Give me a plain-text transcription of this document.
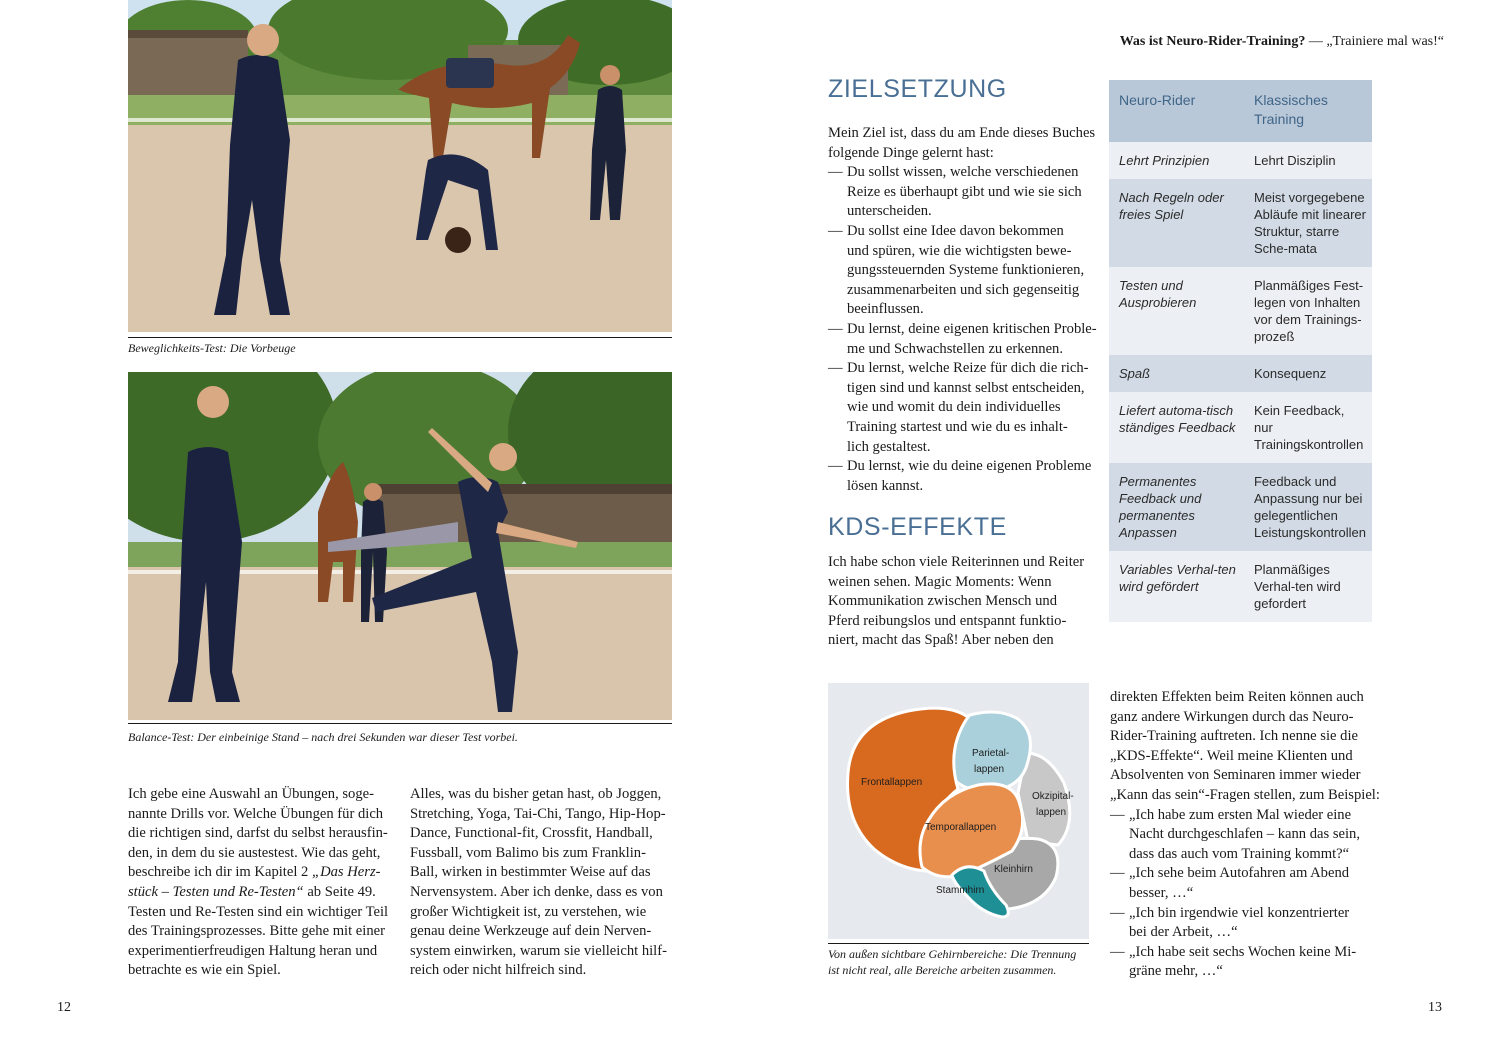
Beweglichkeits-Test: Die Vorbeuge
Balance-Test: Der einbeinige Stand – nach drei Sekunden war dieser Test vorbei.

Ich gebe eine Auswahl an Übungen, soge-

nannte Drills vor. Welche Übungen für dich

die richtigen sind, darfst du selbst herausfin-

den, in dem du sie austestest. Wie das geht,

beschreibe ich dir im Kapitel 2 „Das Herz-

stück – Testen und Re-Testen“ ab Seite 49.

Testen und Re-Testen sind ein wichtiger Teil

des Trainingsprozesses. Bitte gehe mit einer

experimentierfreudigen Haltung heran und

betrachte es wie ein Spiel.

Alles, was du bisher getan hast, ob Joggen,

Stretching, Yoga, Tai-Chi, Tango, Hip-Hop-

Dance, Functional-fit, Crossfit, Handball,

Fussball, vom Balimo bis zum Franklin-

Ball, wirken in bestimmter Weise auf das

Nervensystem. Aber ich denke, dass es von

großer Wichtigkeit ist, zu verstehen, wie

genau deine Werkzeuge auf dein Nerven-

system einwirken, warum sie vielleicht hilf-

reich oder nicht hilfreich sind.

12
Was ist Neuro-Rider-Training? — „Trainiere mal was!“
ZIELSETZUNG

Mein Ziel ist, dass du am Ende dieses Buches

folgende Dinge gelernt hast:

— Du sollst wissen, welche verschiedenen
Reize es überhaupt gibt und wie sie sich
unterscheiden.
— Du sollst eine Idee davon bekommen
und spüren, wie die wichtigsten bewe-
gungssteuernden Systeme funktionieren,
zusammenarbeiten und sich gegenseitig
beeinflussen.
— Du lernst, deine eigenen kritischen Proble-
me und Schwachstellen zu erkennen.
— Du lernst, welche Reize für dich die rich-
tigen sind und kannst selbst entscheiden,
wie und womit du dein individuelles
Training startest und wie du es inhalt-
lich gestaltest.
— Du lernst, wie du deine eigenen Probleme
lösen kannst.
KDS-EFFEKTE

Ich habe schon viele Reiterinnen und Reiter

weinen sehen. Magic Moments: Wenn

Kommunikation zwischen Mensch und

Pferd reibungslos und entspannt funktio-

niert, macht das Spaß! Aber neben den

Neuro-Rider	Klassisches Training
Lehrt Prinzipien	Lehrt Disziplin
Nach Regeln oder freies Spiel	Meist vorgegebene Abläufe mit linearer Struktur, starre Sche-mata
Testen und Ausprobieren	Planmäßiges Fest-legen von Inhalten vor dem Trainings-prozeß
Spaß	Konsequenz
Liefert automa-tisch ständiges Feedback	Kein Feedback, nur Trainingskontrollen
Permanentes Feedback und permanentes Anpassen	Feedback und Anpassung nur bei gelegentlichen Leistungskontrollen
Variables Verhal-ten wird gefördert	Planmäßiges Verhal-ten wird gefordert
Frontallappen
Parietal-
lappen
Okzipital-
lappen
Temporallappen
Kleinhirn
Stammhirn
Von außen sichtbare Gehirnbereiche: Die Trennung
ist nicht real, alle Bereiche arbeiten zusammen.

direkten Effekten beim Reiten können auch

ganz andere Wirkungen durch das Neuro-

Rider-Training auftreten. Ich nenne sie die

„KDS-Effekte“. Weil meine Klienten und

Absolventen von Seminaren immer wieder

„Kann das sein“-Fragen stellen, zum Beispiel:

— „Ich habe zum ersten Mal wieder eine
Nacht durchgeschlafen – kann das sein,
dass das auch vom Training kommt?“
— „Ich sehe beim Autofahren am Abend
besser, …“
— „Ich bin irgendwie viel konzentrierter
bei der Arbeit, …“
— „Ich habe seit sechs Wochen keine Mi-
gräne mehr, …“
13
